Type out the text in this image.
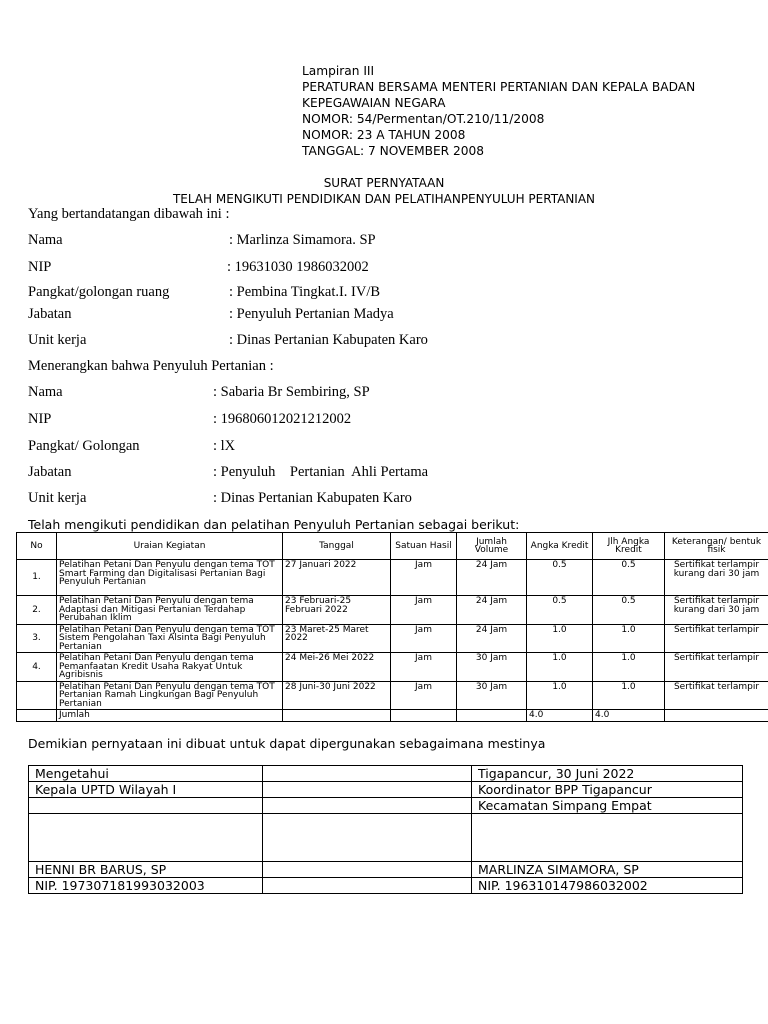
Lampiran III
PERATURAN BERSAMA MENTERI PERTANIAN DAN KEPALA BADAN
KEPEGAWAIAN NEGARA
NOMOR: 54/Permentan/OT.210/11/2008
NOMOR: 23 A TAHUN 2008
TANGGAL: 7 NOVEMBER 2008
SURAT PERNYATAAN
TELAH MENGIKUTI PENDIDIKAN DAN PELATIHANPENYULUH PERTANIAN
Yang bertandatangan dibawah ini :
Nama	: Marlinza Simamora. SP
NIP	: 19631030 1986032002
Pangkat/golongan ruang	: Pembina Tingkat.I. IV/B
Jabatan	: Penyuluh Pertanian Madya
Unit kerja	: Dinas Pertanian Kabupaten Karo
Menerangkan bahwa Penyuluh Pertanian :
Nama	: Sabaria Br Sembiring, SP
NIP	: 196806012021212002
Pangkat/ Golongan	: lX
Jabatan	: Penyuluh    Pertanian  Ahli Pertama
Unit kerja	: Dinas Pertanian Kabupaten Karo
Telah mengikuti pendidikan dan pelatihan Penyuluh Pertanian sebagai berikut:
No	Uraian Kegiatan	Tanggal	Satuan Hasil	Jumlah Volume	Angka Kredit	Jlh Angka Kredit	Keterangan/ bentuk fisik
1.	Pelatihan Petani Dan Penyulu dengan tema TOT Smart Farming dan Digitalisasi Pertanian Bagi Penyuluh Pertanian	27 Januari 2022	Jam	24 Jam	0.5	0.5	Sertifikat terlampir kurang dari 30 jam
2.	Pelatihan Petani Dan Penyulu dengan tema Adaptasi dan Mitigasi Pertanian Terdahap Perubahan Iklim	23 Februari-25 Februari 2022	Jam	24 Jam	0.5	0.5	Sertifikat terlampir kurang dari 30 jam
3.	Pelatihan Petani Dan Penyulu dengan tema TOT Sistem Pengolahan Taxi Alsinta Bagi Penyuluh Pertanian	23 Maret-25 Maret 2022	Jam	24 Jam	1.0	1.0	Sertifikat terlampir
4.	Pelatihan Petani Dan Penyulu dengan tema Pemanfaatan Kredit Usaha Rakyat Untuk Agribisnis	24 Mei-26 Mei 2022	Jam	30 Jam	1.0	1.0	Sertifikat terlampir
	Pelatihan Petani Dan Penyulu dengan tema TOT Pertanian Ramah Lingkungan Bagi Penyuluh Pertanian	28 Juni-30 Juni 2022	Jam	30 Jam	1.0	1.0	Sertifikat terlampir
	Jumlah				4.0	4.0	
Demikian pernyataan ini dibuat untuk dapat dipergunakan sebagaimana mestinya
Mengetahui		Tigapancur, 30 Juni 2022
Kepala UPTD Wilayah I		Koordinator BPP Tigapancur
		Kecamatan Simpang Empat

HENNI BR BARUS, SP		MARLINZA SIMAMORA, SP
NIP. 197307181993032003		NIP. 196310147986032002
